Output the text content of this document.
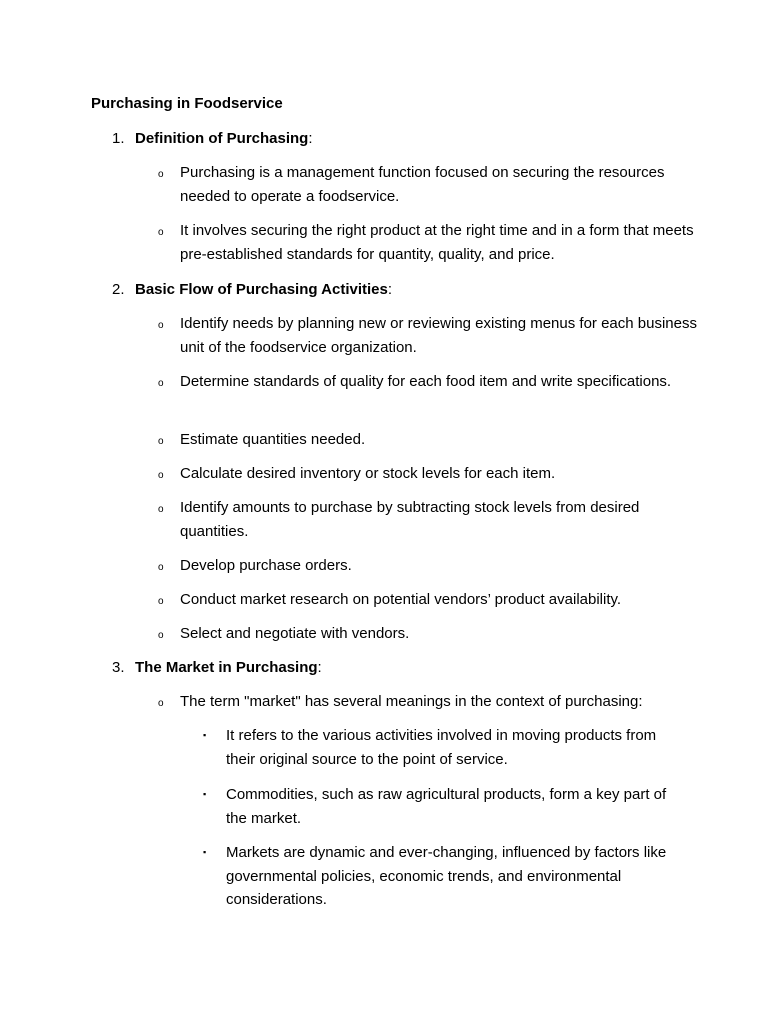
Purchasing in Foodservice
1. Definition of Purchasing:
o	Purchasing is a management function focused on securing the resources needed to operate a foodservice.
o	It involves securing the right product at the right time and in a form that meets pre-established standards for quantity, quality, and price.
2. Basic Flow of Purchasing Activities:
o	Identify needs by planning new or reviewing existing menus for each business unit of the foodservice organization.
o	Determine standards of quality for each food item and write specifications.
o	Estimate quantities needed.
o	Calculate desired inventory or stock levels for each item.
o	Identify amounts to purchase by subtracting stock levels from desired quantities.
o	Develop purchase orders.
o	Conduct market research on potential vendors’ product availability.
o	Select and negotiate with vendors.
3. The Market in Purchasing:
o	The term "market" has several meanings in the context of purchasing:
▪	It refers to the various activities involved in moving products from their original source to the point of service.
▪	Commodities, such as raw agricultural products, form a key part of the market.
▪	Markets are dynamic and ever-changing, influenced by factors like governmental policies, economic trends, and environmental considerations.
